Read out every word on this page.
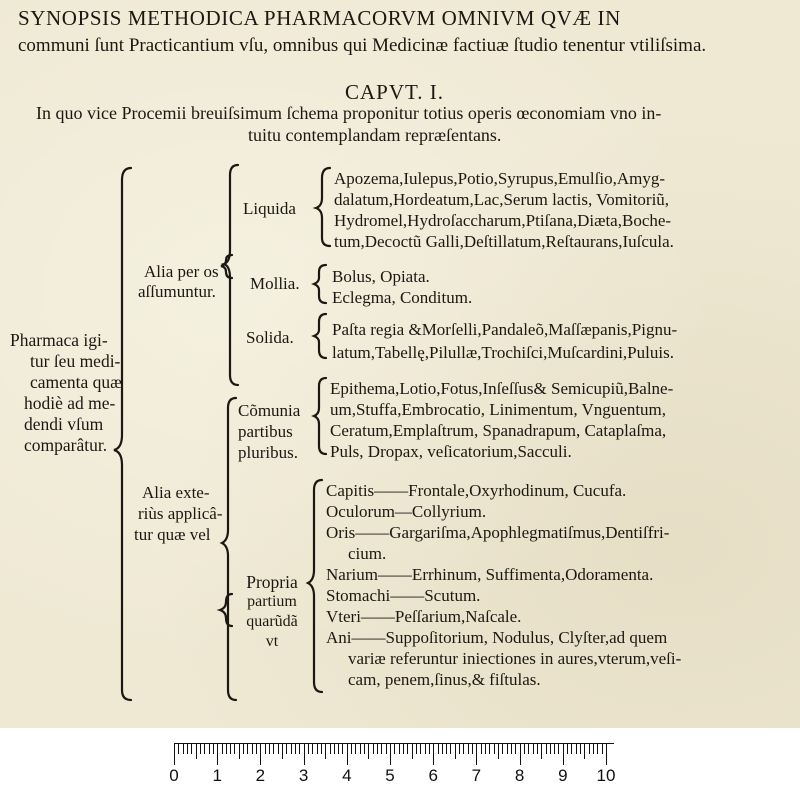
SYNOPSIS METHODICA PHARMACORVM OMNIVM QVÆ IN
communi ſunt Practicantium vſu, omnibus qui Medicinæ factiuæ ſtudio tenentur vtiliſsima.
CAPVT. I.
In quo vice Procemii breuiſsimum ſchema proponitur totius operis œconomiam vno in-
tuitu contemplandam repræſentans.
Pharmaca igi-
tur ſeu medi-
camenta quæ
hodiè ad me-
dendi vſum
comparâtur.
Alia per os
aſſumuntur.
Liquida
Mollia.
Solida.
Apozema,Iulepus,Potio,Syrupus,Emulſio,Amyg-
dalatum,Hordeatum,Lac,Serum lactis, Vomitoriũ,
Hydromel,Hydroſaccharum,Ptiſana,Diæta,Boche-
tum,Decoctũ Galli,Deſtillatum,Reſtaurans,Iuſcula.
Bolus, Opiata.
Eclegma, Conditum.
Paſta regia &Morſelli,Pandaleõ,Maſſæpanis,Pignu-
latum,Tabellę,Pilullæ,Trochiſci,Muſcardini,Puluis.
Alia exte-
riùs applicâ-
tur quæ vel
Cõmunia
partibus
pluribus.
Epithema,Lotio,Fotus,Inſeſſus& Semicupiũ,Balne-
um,Stuffa,Embrocatio, Linimentum, Vnguentum,
Ceratum,Emplaſtrum, Spanadrapum, Cataplaſma,
Puls, Dropax, veſicatorium,Sacculi.
Propria
partium
quarũdã
vt
Capitis——Frontale,Oxyrhodinum, Cucufa.
Oculorum—Collyrium.
Oris——Gargariſma,Apophlegmatiſmus,Dentiſfri-
cium.
Narium——Errhinum, Suffimenta,Odoramenta.
Stomachi——Scutum.
Vteri——Peſſarium,Naſcale.
Ani——Suppoſitorium, Nodulus, Clyſter,ad quem
variæ referuntur iniectiones in aures,vterum,veſi-
cam, penem,ſinus,& fiſtulas.
0 1 2 3 4 5 6 7 8 9 10
